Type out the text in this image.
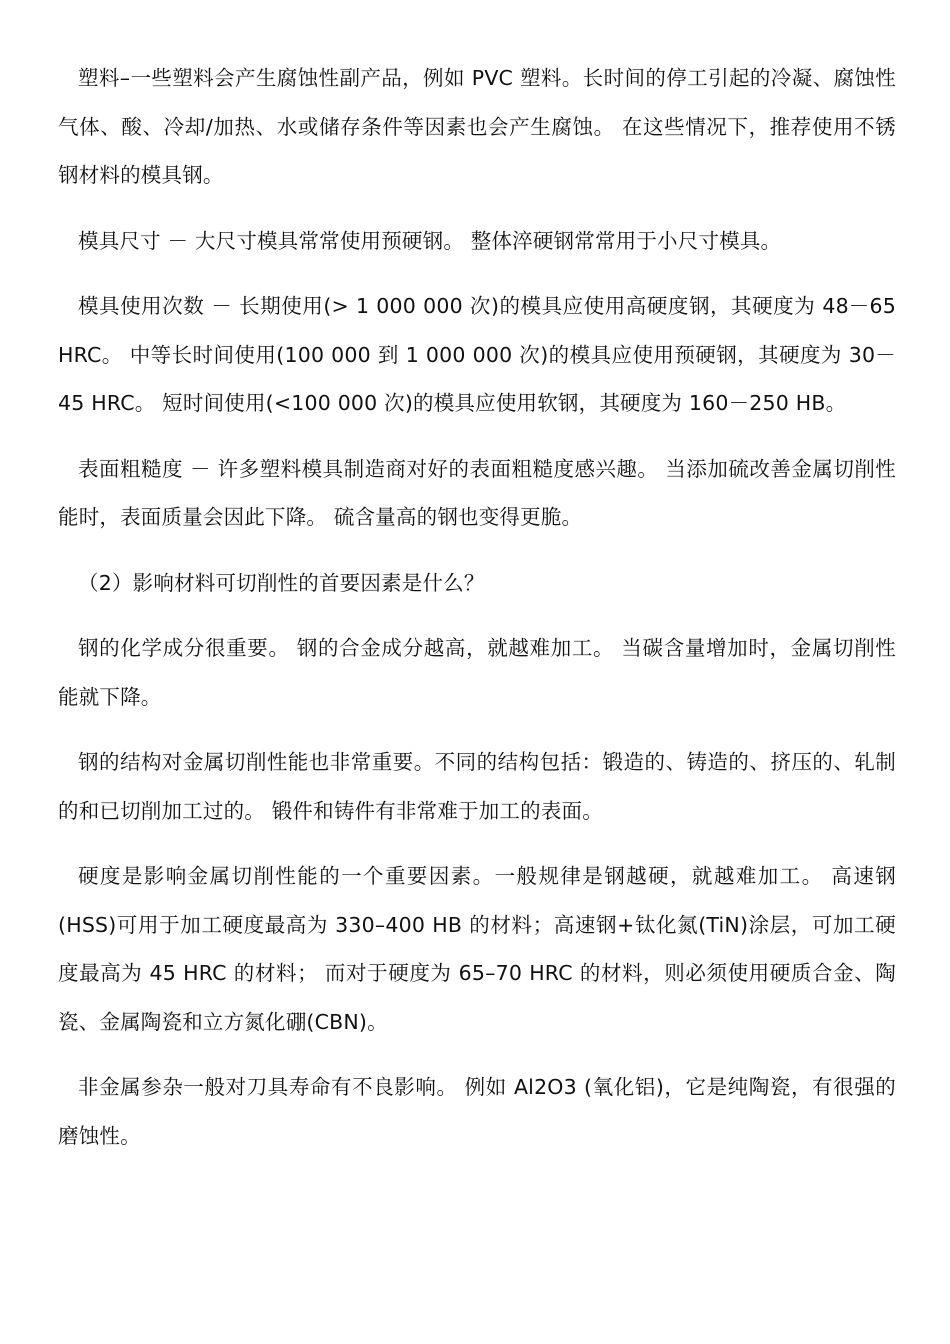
塑料–一些塑料会产生腐蚀性副产品，例如 PVC 塑料。长时间的停工引起的冷凝、腐蚀性气体、酸、冷却/加热、水或储存条件等因素也会产生腐蚀。 在这些情况下，推荐使用不锈钢材料的模具钢。

模具尺寸 － 大尺寸模具常常使用预硬钢。 整体淬硬钢常常用于小尺寸模具。

模具使用次数 － 长期使用(> 1 000 000 次)的模具应使用高硬度钢，其硬度为 48－65 HRC。 中等长时间使用(100 000 到 1 000 000 次)的模具应使用预硬钢，其硬度为 30－45 HRC。 短时间使用(<100 000 次)的模具应使用软钢，其硬度为 160－250 HB。

表面粗糙度 － 许多塑料模具制造商对好的表面粗糙度感兴趣。 当添加硫改善金属切削性能时，表面质量会因此下降。 硫含量高的钢也变得更脆。

（2）影响材料可切削性的首要因素是什么？

钢的化学成分很重要。 钢的合金成分越高，就越难加工。 当碳含量增加时，金属切削性能就下降。

钢的结构对金属切削性能也非常重要。不同的结构包括：锻造的、铸造的、挤压的、轧制的和已切削加工过的。 锻件和铸件有非常难于加工的表面。

硬度是影响金属切削性能的一个重要因素。一般规律是钢越硬，就越难加工。 高速钢(HSS)可用于加工硬度最高为 330–400 HB 的材料；高速钢+钛化氮(TiN)涂层，可加工硬度最高为 45 HRC 的材料； 而对于硬度为 65–70 HRC 的材料，则必须使用硬质合金、陶瓷、金属陶瓷和立方氮化硼(CBN)。

非金属参杂一般对刀具寿命有不良影响。 例如 Al2O3 (氧化铝)，它是纯陶瓷，有很强的磨蚀性。
